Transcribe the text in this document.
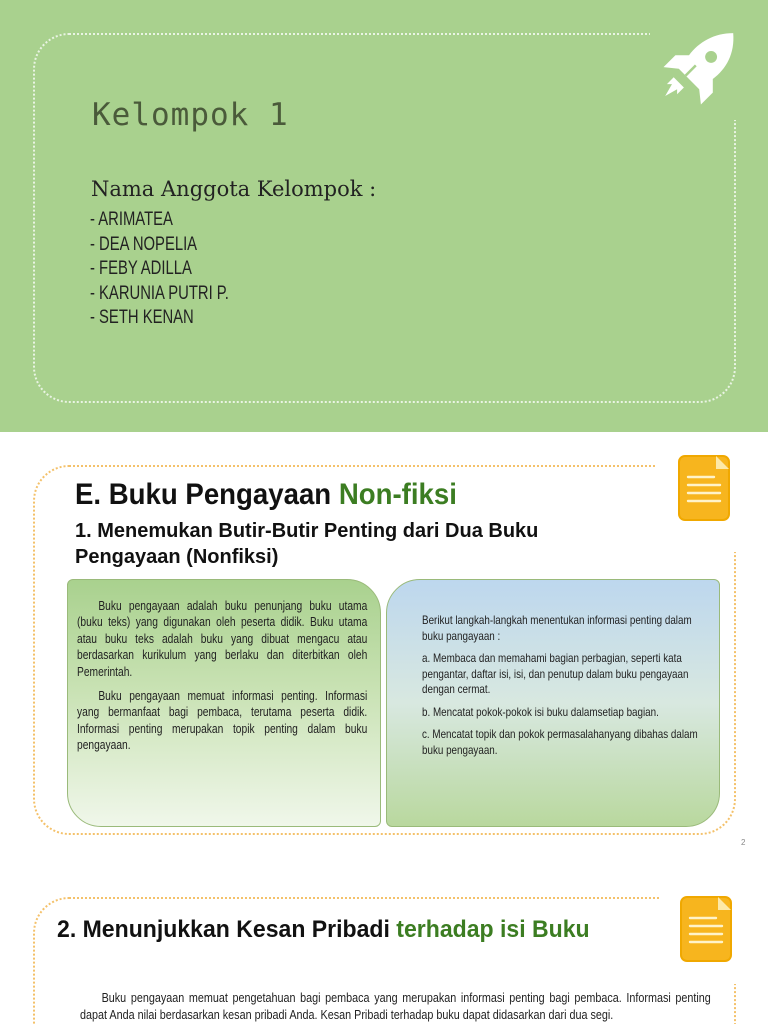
Kelompok 1
Nama Anggota Kelompok :
- ARIMATEA
- DEA NOPELIA
- FEBY ADILLA
- KARUNIA PUTRI P.
- SETH KENAN
E. Buku Pengayaan Non-fiksi
1. Menemukan Butir-Butir Penting dari Dua Buku Pengayaan (Nonfiksi)

Buku pengayaan adalah buku penunjang buku utama (buku teks) yang digunakan oleh peserta didik. Buku utama atau buku teks adalah buku yang dibuat mengacu atau berdasarkan kurikulum yang berlaku dan diterbitkan oleh Pemerintah.

Buku pengayaan memuat informasi penting. Informasi yang bermanfaat bagi pembaca, terutama peserta didik. Informasi penting merupakan topik penting dalam buku pengayaan.

Berikut langkah-langkah menentukan informasi penting dalam buku pangayaan :

a. Membaca dan memahami bagian perbagian, seperti kata pengantar, daftar isi, isi, dan penutup dalam buku pengayaan dengan cermat.

b. Mencatat pokok-pokok isi buku dalamsetiap bagian.

c. Mencatat topik dan pokok permasalahanyang dibahas dalam buku pengayaan.

2
2. Menunjukkan Kesan Pribadi terhadap isi Buku
Buku pengayaan memuat pengetahuan bagi pembaca yang merupakan informasi penting bagi pembaca. Informasi penting dapat Anda nilai berdasarkan kesan pribadi Anda. Kesan Pribadi terhadap buku dapat didasarkan dari dua segi.
